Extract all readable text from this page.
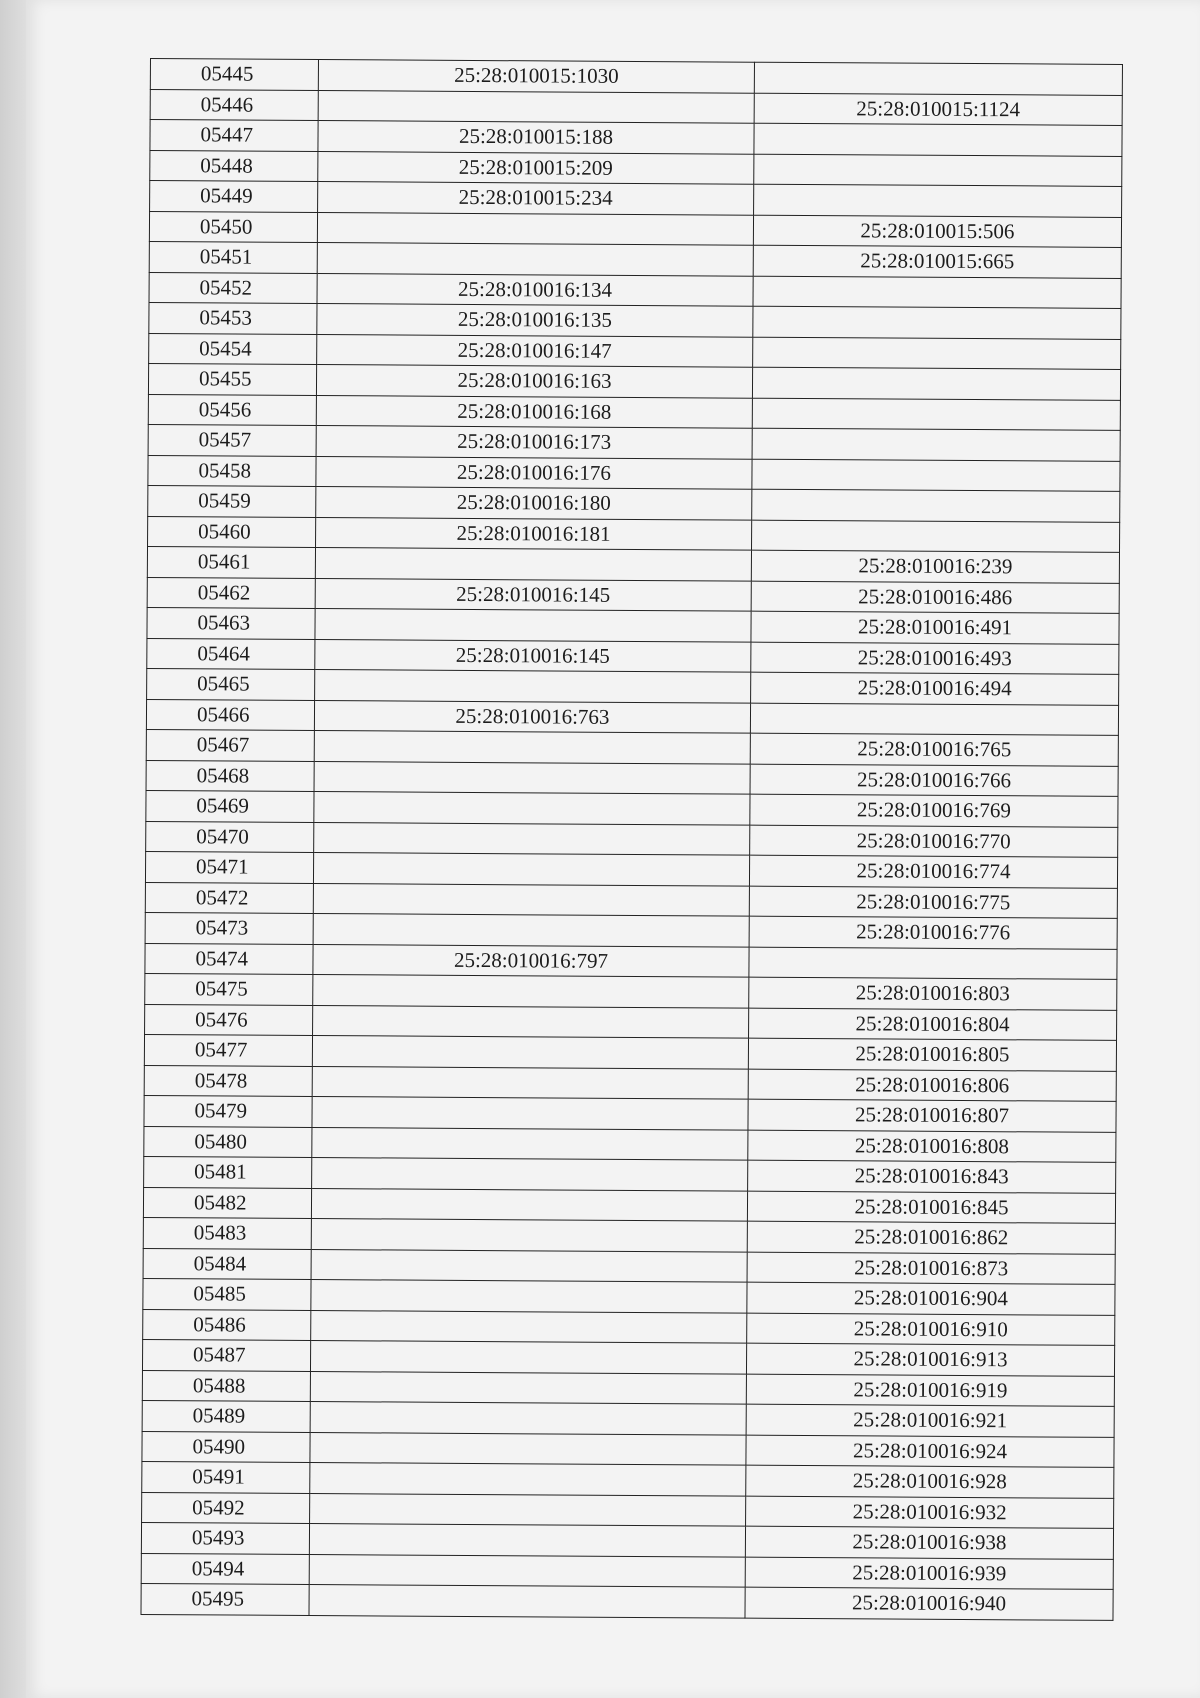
05445	25:28:010015:1030	
05446		25:28:010015:1124
05447	25:28:010015:188	
05448	25:28:010015:209	
05449	25:28:010015:234	
05450		25:28:010015:506
05451		25:28:010015:665
05452	25:28:010016:134	
05453	25:28:010016:135	
05454	25:28:010016:147	
05455	25:28:010016:163	
05456	25:28:010016:168	
05457	25:28:010016:173	
05458	25:28:010016:176	
05459	25:28:010016:180	
05460	25:28:010016:181	
05461		25:28:010016:239
05462	25:28:010016:145	25:28:010016:486
05463		25:28:010016:491
05464	25:28:010016:145	25:28:010016:493
05465		25:28:010016:494
05466	25:28:010016:763	
05467		25:28:010016:765
05468		25:28:010016:766
05469		25:28:010016:769
05470		25:28:010016:770
05471		25:28:010016:774
05472		25:28:010016:775
05473		25:28:010016:776
05474	25:28:010016:797	
05475		25:28:010016:803
05476		25:28:010016:804
05477		25:28:010016:805
05478		25:28:010016:806
05479		25:28:010016:807
05480		25:28:010016:808
05481		25:28:010016:843
05482		25:28:010016:845
05483		25:28:010016:862
05484		25:28:010016:873
05485		25:28:010016:904
05486		25:28:010016:910
05487		25:28:010016:913
05488		25:28:010016:919
05489		25:28:010016:921
05490		25:28:010016:924
05491		25:28:010016:928
05492		25:28:010016:932
05493		25:28:010016:938
05494		25:28:010016:939
05495		25:28:010016:940
